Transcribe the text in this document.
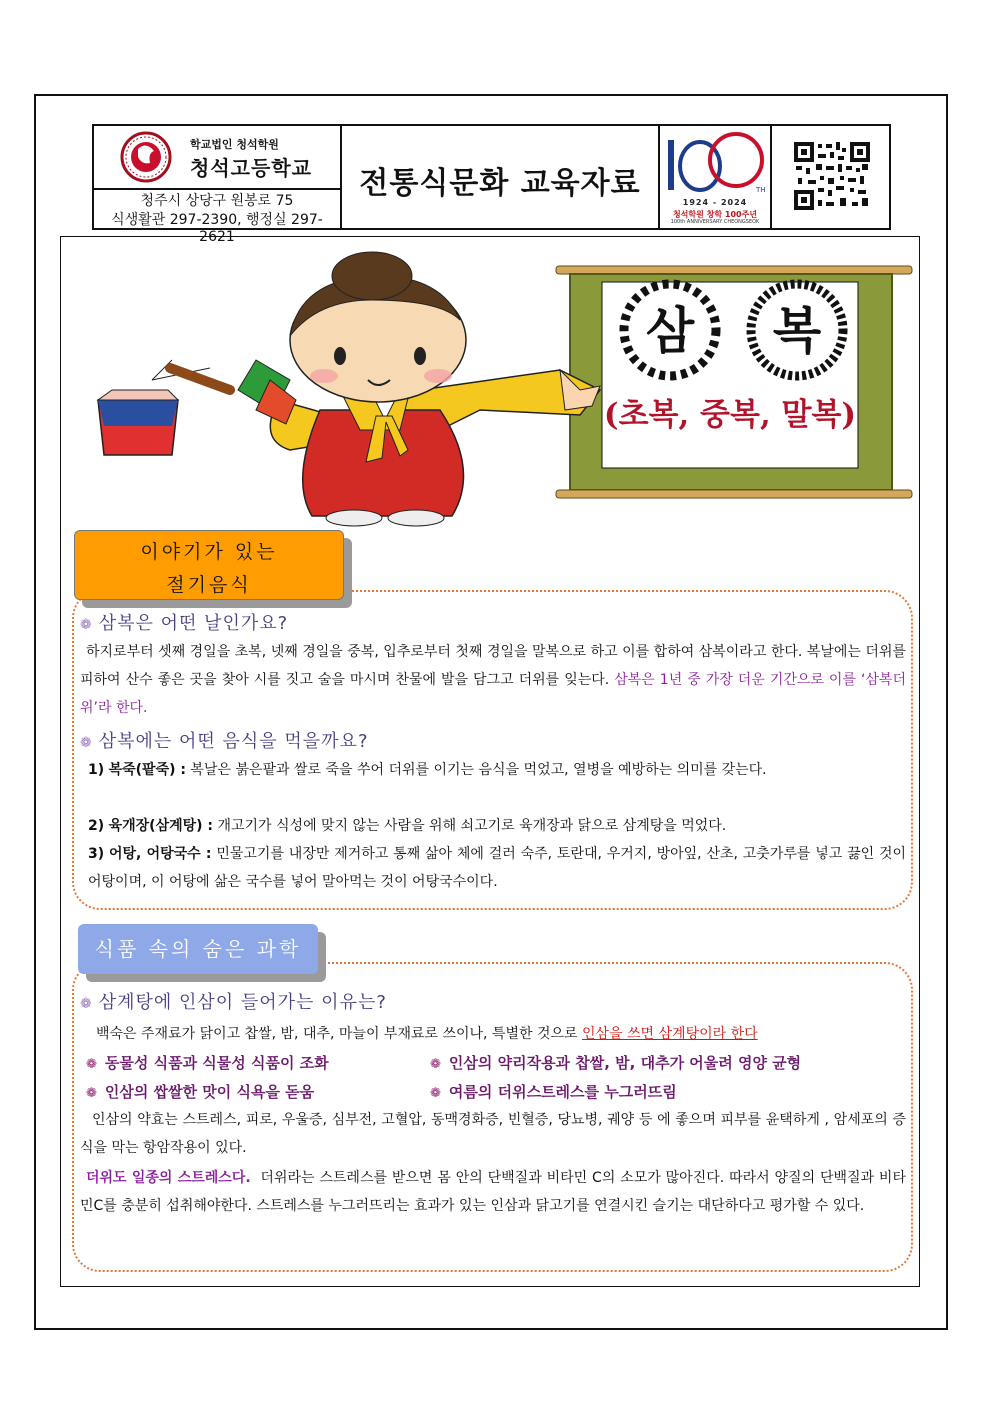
학교법인 청석학원
청석고등학교
청주시 상당구 원봉로 75
식생활관 297-2390, 행정실 297-2621
전통식문화 교육자료	TH
1924 - 2024
청석학원 창학 100주년
100th ANNIVERSARY CHEONGSEOK
삼 복
(초복, 중복, 말복)
이야기가 있는
절기음식
❁ 삼복은 어떤 날인가요?
하지로부터 셋째 경일을 초복, 넷째 경일을 중복, 입추로부터 첫째 경일을 말복으로 하고 이를 합하여 삼복이라고 한다. 복날에는 더위를 피하여 산수 좋은 곳을 찾아 시를 짓고 술을 마시며 찬물에 발을 담그고 더위를 잊는다. 삼복은 1년 중 가장 더운 기간으로 이를 ‘삼복더위’라 한다.
❁ 삼복에는 어떤 음식을 먹을까요?
1) 복죽(팥죽) : 복날은 붉은팥과 쌀로 죽을 쑤어 더위를 이기는 음식을 먹었고, 열병을 예방하는 의미를 갖는다.
2) 육개장(삼계탕) : 개고기가 식성에 맞지 않는 사람을 위해 쇠고기로 육개장과 닭으로 삼계탕을 먹었다.
3) 어탕, 어탕국수 : 민물고기를 내장만 제거하고 통째 삶아 체에 걸러 숙주, 토란대, 우거지, 방아잎, 산초, 고춧가루를 넣고 끓인 것이 어탕이며, 이 어탕에 삶은 국수를 넣어 말아먹는 것이 어탕국수이다.
식품 속의 숨은 과학
❁ 삼계탕에 인삼이 들어가는 이유는?
백숙은 주재료가 닭이고 찹쌀, 밤, 대추, 마늘이 부재료로 쓰이나, 특별한 것으로 인삼을 쓰면 삼계탕이라 한다
❁ 동물성 식품과 식물성 식품이 조화	❁ 인삼의 약리작용과 찹쌀, 밤, 대추가 어울려 영양 균형
❁ 인삼의 쌉쌀한 맛이 식욕을 돋움	❁ 여름의 더위스트레스를 누그러뜨림
인삼의 약효는 스트레스, 피로, 우울증, 심부전, 고혈압, 동맥경화증, 빈혈증, 당뇨병, 궤양 등 에 좋으며 피부를 윤택하게 , 암세포의 증식을 막는 항암작용이 있다.
더위도 일종의 스트레스다. 더위라는 스트레스를 받으면 몸 안의 단백질과 비타민 C의 소모가 많아진다. 따라서 양질의 단백질과 비타민C를 충분히 섭취해야한다. 스트레스를 누그러뜨리는 효과가 있는 인삼과 닭고기를 연결시킨 슬기는 대단하다고 평가할 수 있다.
